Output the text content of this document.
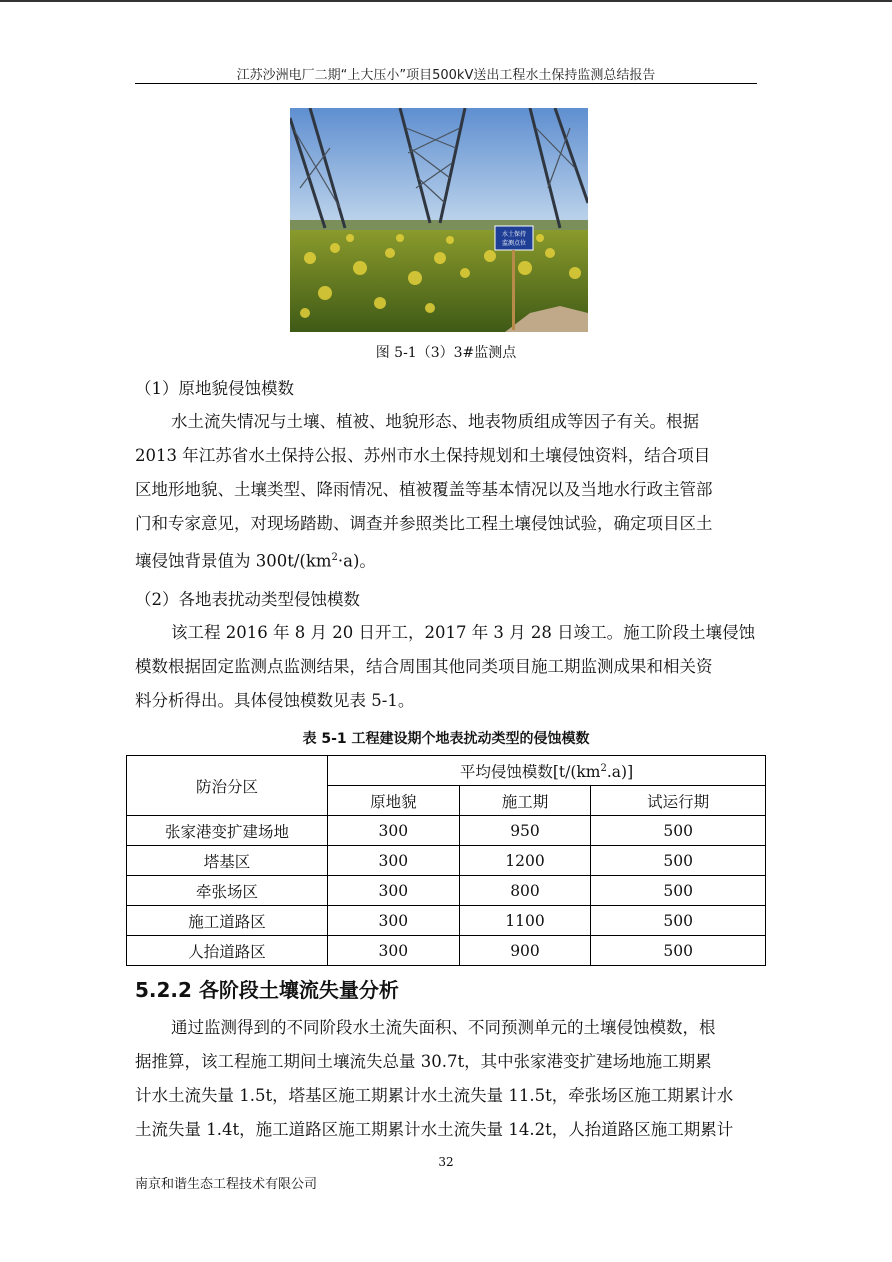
江苏沙洲电厂二期“上大压小”项目500kV送出工程水土保持监测总结报告
水土保持
监测点位
图 5-1（3）3#监测点
（1）原地貌侵蚀模数

水土流失情况与土壤、植被、地貌形态、地表物质组成等因子有关。根据

2013 年江苏省水土保持公报、苏州市水土保持规划和土壤侵蚀资料，结合项目

区地形地貌、土壤类型、降雨情况、植被覆盖等基本情况以及当地水行政主管部

门和专家意见，对现场踏勘、调查并参照类比工程土壤侵蚀试验，确定项目区土

壤侵蚀背景值为 $300t/(km^2\cdot a)$。

（2）各地表扰动类型侵蚀模数

该工程 2016 年 8 月 20 日开工，2017 年 3 月 28 日竣工。施工阶段土壤侵蚀

模数根据固定监测点监测结果，结合周围其他同类项目施工期监测成果和相关资

料分析得出。具体侵蚀模数见表 5-1。

表 5-1 工程建设期个地表扰动类型的侵蚀模数
防治分区	平均侵蚀模数$[t/(km^2.a)]$		
	原地貌	施工期	试运行期
张家港变扩建场地	300	950	500
塔基区	300	1200	500
牵张场区	300	800	500
施工道路区	300	1100	500
人抬道路区	300	900	500
5.2.2 各阶段土壤流失量分析

通过监测得到的不同阶段水土流失面积、不同预测单元的土壤侵蚀模数，根

据推算，该工程施工期间土壤流失总量 30.7t，其中张家港变扩建场地施工期累

计水土流失量 1.5t，塔基区施工期累计水土流失量 11.5t，牵张场区施工期累计水

土流失量 1.4t，施工道路区施工期累计水土流失量 14.2t，人抬道路区施工期累计

32
南京和谐生态工程技术有限公司
